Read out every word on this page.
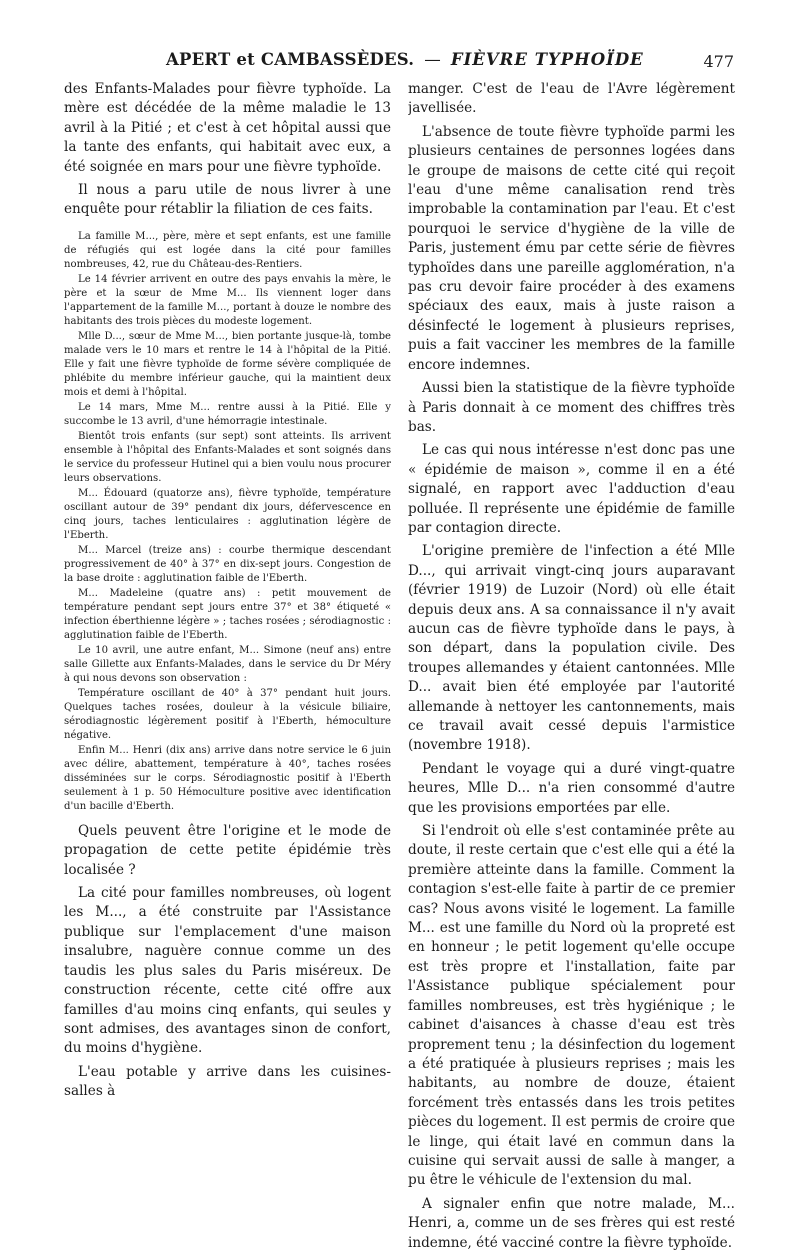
APERT et CAMBASSÈDES. — FIÈVRE TYPHOÏDE	477

des Enfants-Malades pour fièvre typhoïde. La mère est décédée de la même maladie le 13 avril à la Pitié ; et c'est à cet hôpital aussi que la tante des enfants, qui habitait avec eux, a été soignée en mars pour une fièvre typhoïde.

Il nous a paru utile de nous livrer à une enquête pour rétablir la filiation de ces faits.

La famille M..., père, mère et sept enfants, est une famille de réfugiés qui est logée dans la cité pour familles nombreuses, 42, rue du Château-des-Rentiers.

Le 14 février arrivent en outre des pays envahis la mère, le père et la sœur de Mme M... Ils viennent loger dans l'appartement de la famille M..., portant à douze le nombre des habitants des trois pièces du modeste logement.

Mlle D..., sœur de Mme M..., bien portante jusque-là, tombe malade vers le 10 mars et rentre le 14 à l'hôpital de la Pitié. Elle y fait une fièvre typhoïde de forme sévère compliquée de phlébite du membre inférieur gauche, qui la maintient deux mois et demi à l'hôpital.

Le 14 mars, Mme M... rentre aussi à la Pitié. Elle y succombe le 13 avril, d'une hémorragie intestinale.

Bientôt trois enfants (sur sept) sont atteints. Ils arrivent ensemble à l'hôpital des Enfants-Malades et sont soignés dans le service du professeur Hutinel qui a bien voulu nous procurer leurs observations.

M... Édouard (quatorze ans), fièvre typhoïde, température oscillant autour de 39° pendant dix jours, défervescence en cinq jours, taches lenticulaires : agglutination légère de l'Eberth.

M... Marcel (treize ans) : courbe thermique descendant progressivement de 40° à 37° en dix-sept jours. Congestion de la base droite : agglutination faible de l'Eberth.

M... Madeleine (quatre ans) : petit mouvement de température pendant sept jours entre 37° et 38° étiqueté « infection éberthienne légère » ; taches rosées ; sérodiagnostic : agglutination faible de l'Eberth.

Le 10 avril, une autre enfant, M... Simone (neuf ans) entre salle Gillette aux Enfants-Malades, dans le service du Dr Méry à qui nous devons son observation :

Température oscillant de 40° à 37° pendant huit jours. Quelques taches rosées, douleur à la vésicule biliaire, sérodiagnostic légèrement positif à l'Eberth, hémoculture négative.

Enfin M... Henri (dix ans) arrive dans notre service le 6 juin avec délire, abattement, température à 40°, taches rosées disséminées sur le corps. Sérodiagnostic positif à l'Eberth seulement à 1 p. 50 Hémoculture positive avec identification d'un bacille d'Eberth.

Quels peuvent être l'origine et le mode de propagation de cette petite épidémie très localisée ?

La cité pour familles nombreuses, où logent les M..., a été construite par l'Assistance publique sur l'emplacement d'une maison insalubre, naguère connue comme un des taudis les plus sales du Paris miséreux. De construction récente, cette cité offre aux familles d'au moins cinq enfants, qui seules y sont admises, des avantages sinon de confort, du moins d'hygiène.

L'eau potable y arrive dans les cuisines-salles à

manger. C'est de l'eau de l'Avre légèrement javellisée.

L'absence de toute fièvre typhoïde parmi les plusieurs centaines de personnes logées dans le groupe de maisons de cette cité qui reçoit l'eau d'une même canalisation rend très improbable la contamination par l'eau. Et c'est pourquoi le service d'hygiène de la ville de Paris, justement ému par cette série de fièvres typhoïdes dans une pareille agglomération, n'a pas cru devoir faire procéder à des examens spéciaux des eaux, mais à juste raison a désinfecté le logement à plusieurs reprises, puis a fait vacciner les membres de la famille encore indemnes.

Aussi bien la statistique de la fièvre typhoïde à Paris donnait à ce moment des chiffres très bas.

Le cas qui nous intéresse n'est donc pas une « épidémie de maison », comme il en a été signalé, en rapport avec l'adduction d'eau polluée. Il représente une épidémie de famille par contagion directe.

L'origine première de l'infection a été Mlle D..., qui arrivait vingt-cinq jours auparavant (février 1919) de Luzoir (Nord) où elle était depuis deux ans. A sa connaissance il n'y avait aucun cas de fièvre typhoïde dans le pays, à son départ, dans la population civile. Des troupes allemandes y étaient cantonnées. Mlle D... avait bien été employée par l'autorité allemande à nettoyer les cantonnements, mais ce travail avait cessé depuis l'armistice (novembre 1918).

Pendant le voyage qui a duré vingt-quatre heures, Mlle D... n'a rien consommé d'autre que les provisions emportées par elle.

Si l'endroit où elle s'est contaminée prête au doute, il reste certain que c'est elle qui a été la première atteinte dans la famille. Comment la contagion s'est-elle faite à partir de ce premier cas? Nous avons visité le logement. La famille M... est une famille du Nord où la propreté est en honneur ; le petit logement qu'elle occupe est très propre et l'installation, faite par l'Assistance publique spécialement pour familles nombreuses, est très hygiénique ; le cabinet d'aisances à chasse d'eau est très proprement tenu ; la désinfection du logement a été pratiquée à plusieurs reprises ; mais les habitants, au nombre de douze, étaient forcément très entassés dans les trois petites pièces du logement. Il est permis de croire que le linge, qui était lavé en commun dans la cuisine qui servait aussi de salle à manger, a pu être le véhicule de l'extension du mal.

A signaler enfin que notre malade, M... Henri, a, comme un de ses frères qui est resté indemne, été vacciné contre la fièvre typhoïde.
